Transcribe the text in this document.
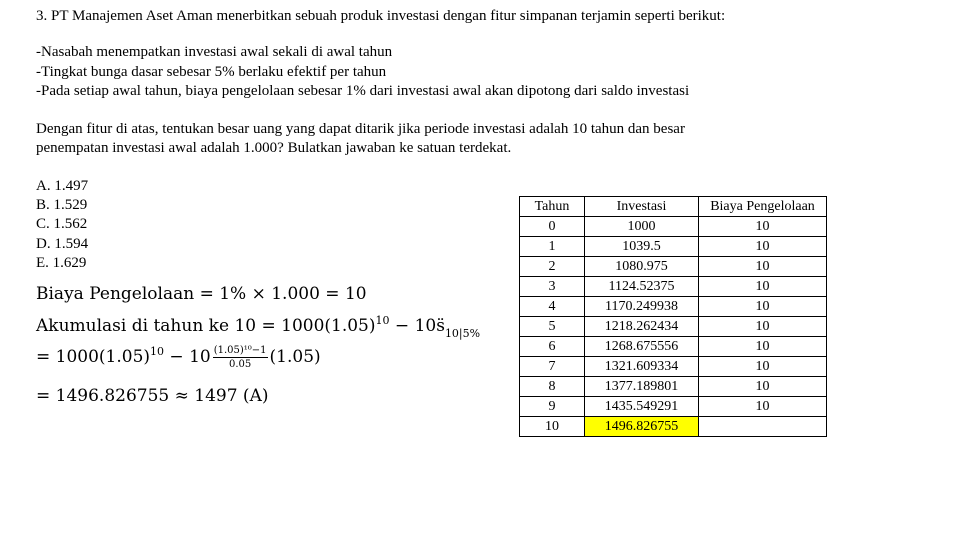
3. PT Manajemen Aset Aman menerbitkan sebuah produk investasi dengan fitur simpanan terjamin seperti berikut:
-Nasabah menempatkan investasi awal sekali di awal tahun
-Tingkat bunga dasar sebesar 5% berlaku efektif per tahun
-Pada setiap awal tahun, biaya pengelolaan sebesar 1% dari investasi awal akan dipotong dari saldo investasi
Dengan fitur di atas, tentukan besar uang yang dapat ditarik jika periode investasi adalah 10 tahun dan besar
penempatan investasi awal adalah 1.000? Bulatkan jawaban ke satuan terdekat.
A. 1.497
B. 1.529
C. 1.562
D. 1.594
E. 1.629
Biaya Pengelolaan = 1% × 1.000 = 10
Akumulasi di tahun ke $10 = 1000(1.05)^{10}$ − $10s̈_{10|5\%}$
= $1000(1.05)^{10} - 10 \frac{\text{(1.05)¹⁰−1}}{0.05} (1.05)$
= 1496.826755 ≈ 1497 (A)
Tahun	Investasi	Biaya Pengelolaan
0	1000	10
1	1039.5	10
2	1080.975	10
3	1124.52375	10
4	1170.249938	10
5	1218.262434	10
6	1268.675556	10
7	1321.609334	10
8	1377.189801	10
9	1435.549291	10
10	1496.826755	
